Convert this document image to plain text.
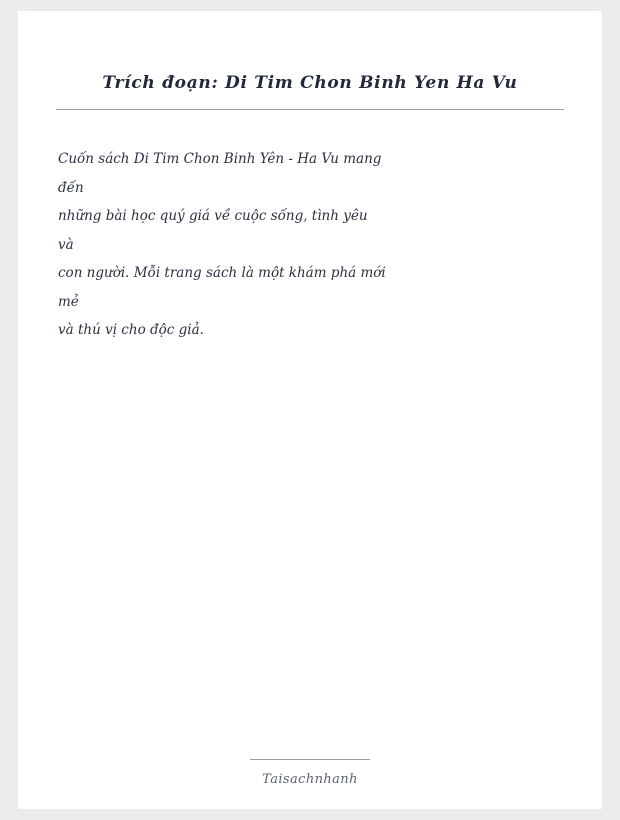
Trích đoạn: Di Tim Chon Binh Yen Ha Vu
Cuốn sách Di Tim Chon Binh Yên - Ha Vu mang
đến
những bài học quý giá về cuộc sống, tình yêu
và
con người. Mỗi trang sách là một khám phá mới
mẻ
và thú vị cho độc giả.
Taisachnhanh
